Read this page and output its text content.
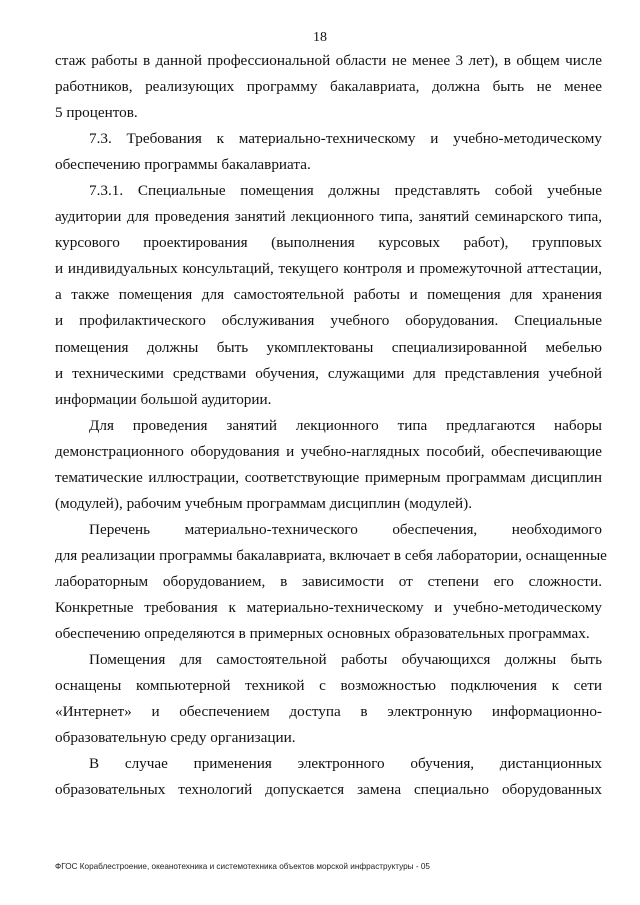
18

стаж работы в данной профессиональной области не менее 3 лет), в общем числе
работников, реализующих программу бакалавриата, должна быть не менее
5 процентов.

7.3. Требования к материально-техническому и учебно-методическому
обеспечению программы бакалавриата.

7.3.1. Специальные помещения должны представлять собой учебные
аудитории для проведения занятий лекционного типа, занятий семинарского типа,
курсового проектирования (выполнения курсовых работ), групповых
и индивидуальных консультаций, текущего контроля и промежуточной аттестации,
а также помещения для самостоятельной работы и помещения для хранения
и профилактического обслуживания учебного оборудования. Специальные
помещения должны быть укомплектованы специализированной мебелью
и техническими средствами обучения, служащими для представления учебной
информации большой аудитории.

Для проведения занятий лекционного типа предлагаются наборы
демонстрационного оборудования и учебно-наглядных пособий, обеспечивающие
тематические иллюстрации, соответствующие примерным программам дисциплин
(модулей), рабочим учебным программам дисциплин (модулей).

Перечень материально-технического обеспечения, необходимого
для реализации программы бакалавриата, включает в себя лаборатории, оснащенные
лабораторным оборудованием, в зависимости от степени его сложности.
Конкретные требования к материально-техническому и учебно-методическому
обеспечению определяются в примерных основных образовательных программах.

Помещения для самостоятельной работы обучающихся должны быть
оснащены компьютерной техникой с возможностью подключения к сети
«Интернет» и обеспечением доступа в электронную информационно-
образовательную среду организации.

В случае применения электронного обучения, дистанционных
образовательных технологий допускается замена специально оборудованных

ФГОС Кораблестроение, океанотехника и системотехника объектов морской инфраструктуры - 05
